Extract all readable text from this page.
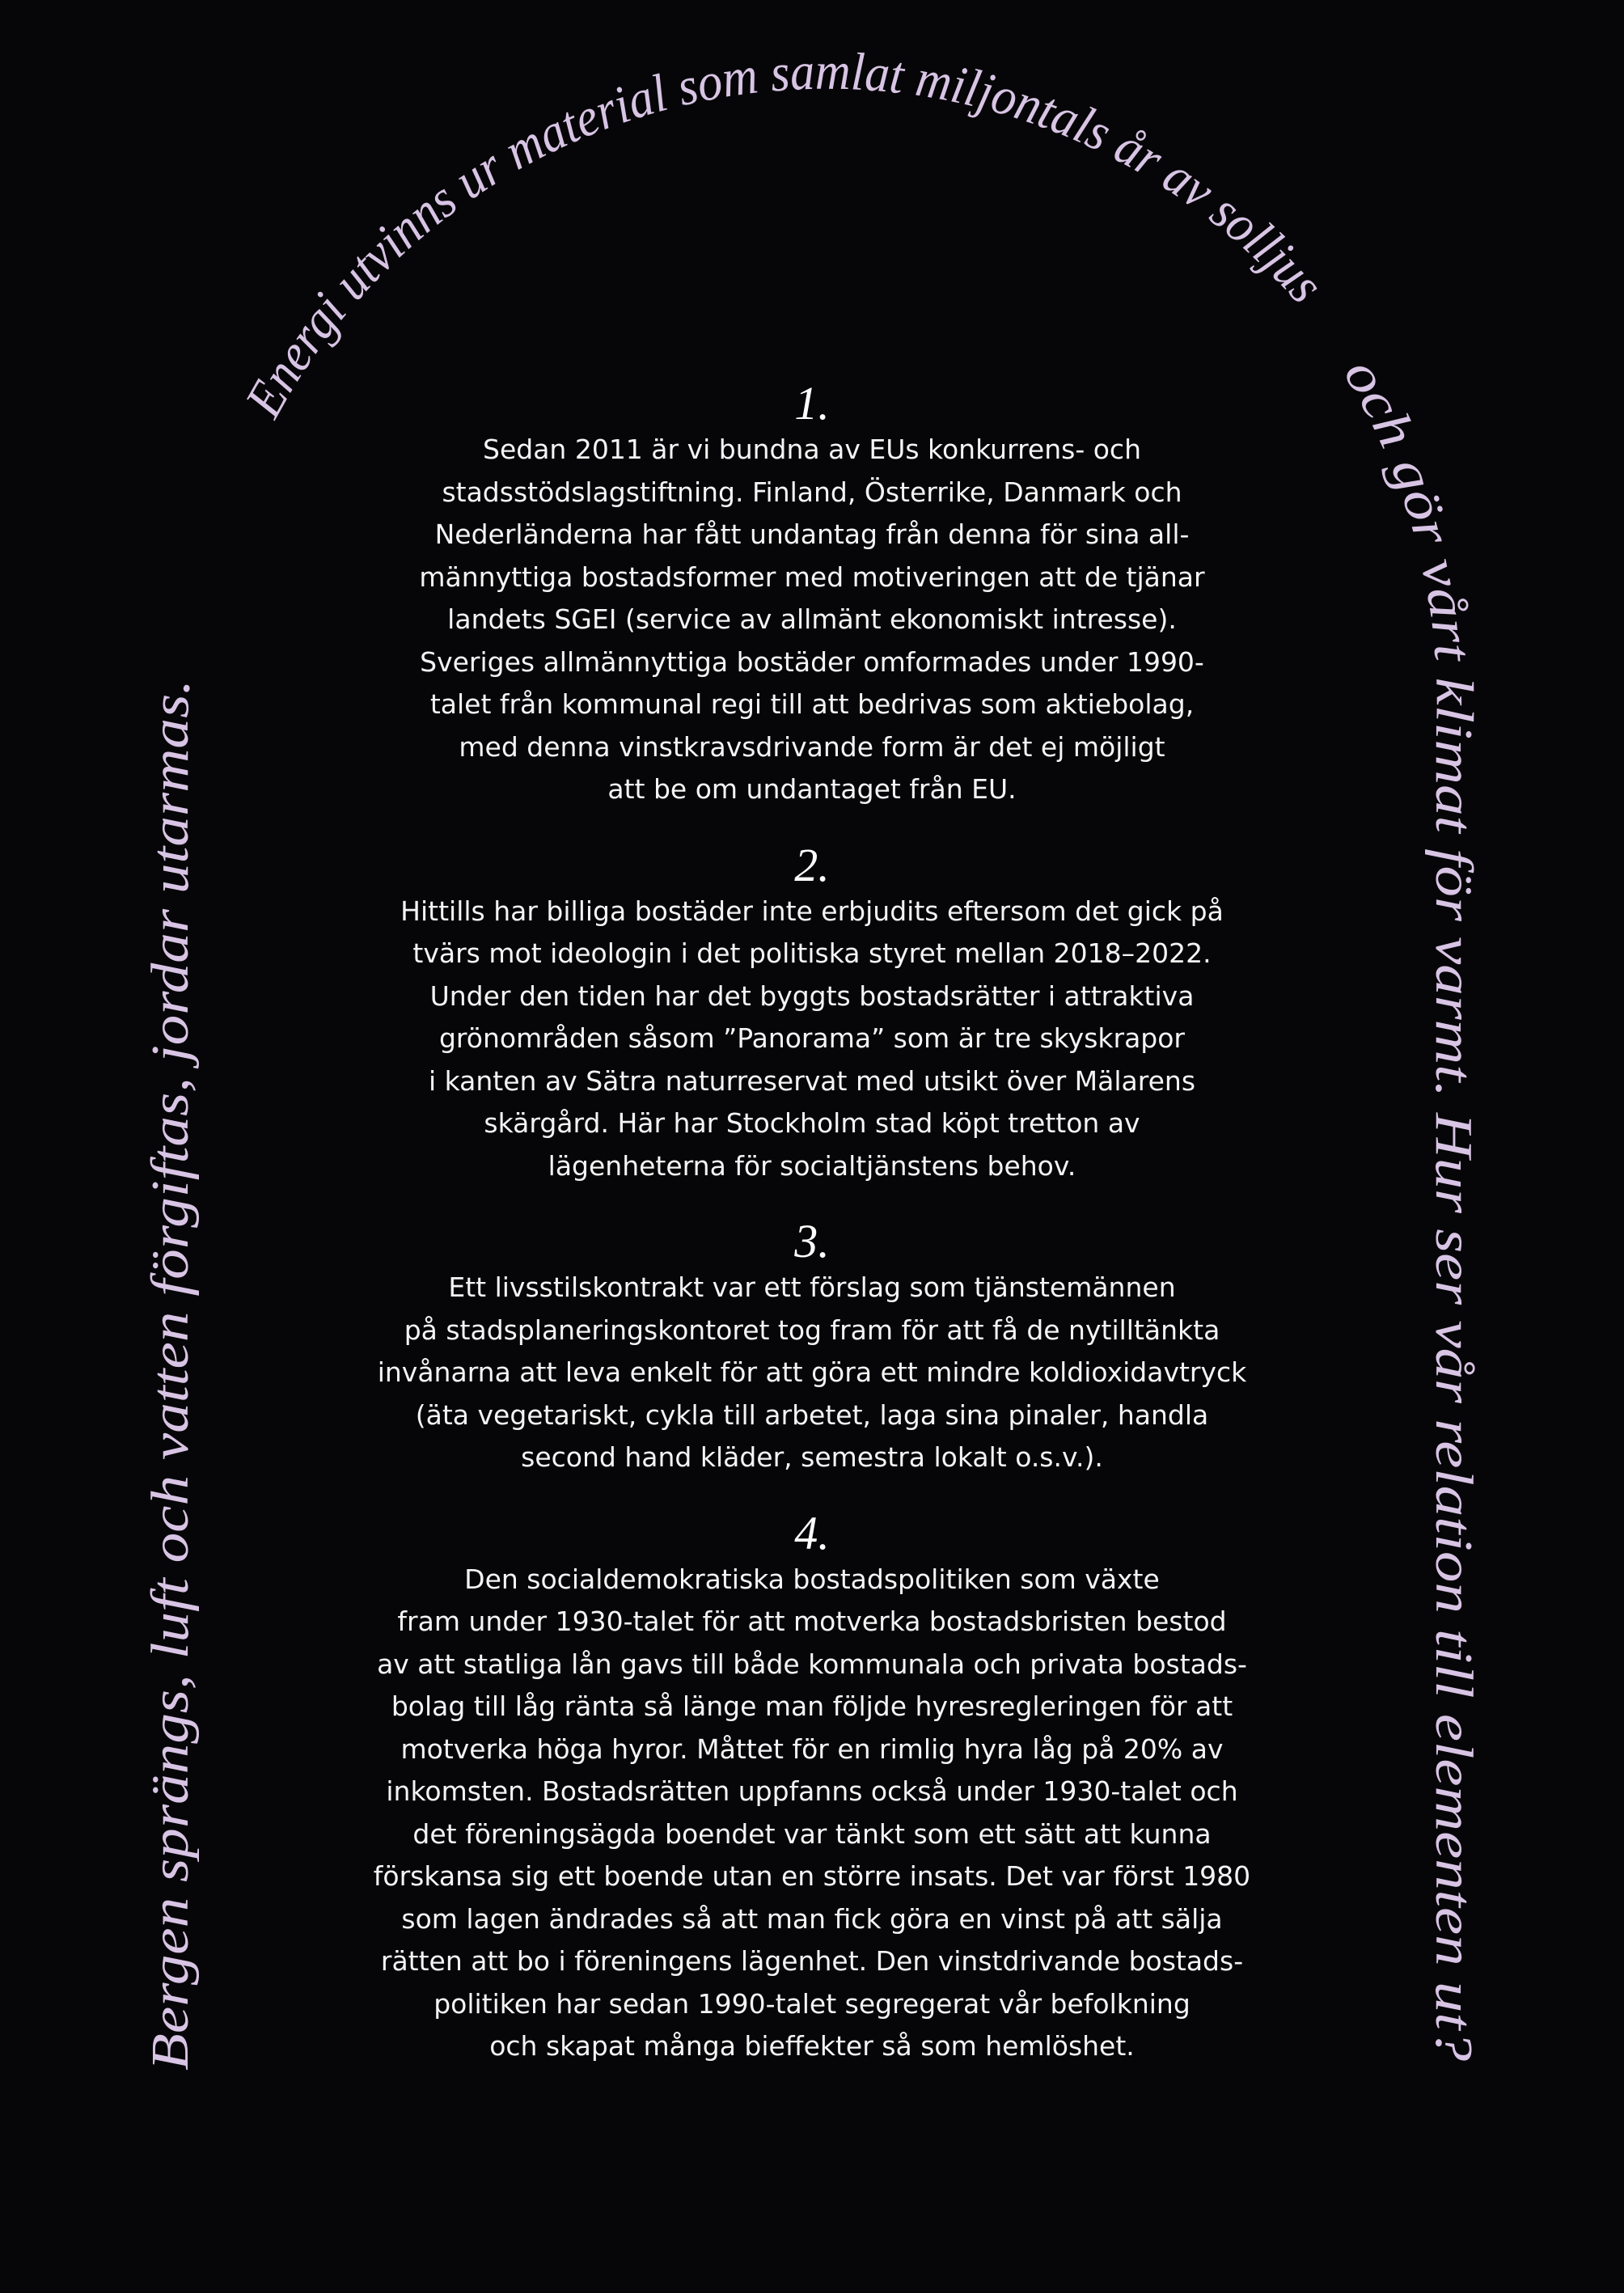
Bergen sprängs, luft och vatten förgiftas, jordar utarmas.
Energi utvinns ur material som samlat miljontals år av solljus
och gör vårt klimat för varmt. Hur ser vår relation till elementen ut?
1.
Sedan 2011 är vi bundna av EUs konkurrens- och
stadsstödslagstiftning. Finland, Österrike, Danmark och
Nederländerna har fått undantag från denna för sina all-
männyttiga bostadsformer med motiveringen att de tjänar
landets SGEI (service av allmänt ekonomiskt intresse).
Sveriges allmännyttiga bostäder omformades under 1990-
talet från kommunal regi till att bedrivas som aktiebolag,
med denna vinstkravsdrivande form är det ej möjligt
att be om undantaget från EU.
2.
Hittills har billiga bostäder inte erbjudits eftersom det gick på
tvärs mot ideologin i det politiska styret mellan 2018–2022.
Under den tiden har det byggts bostadsrätter i attraktiva
grönområden såsom ”Panorama” som är tre skyskrapor
i kanten av Sätra naturreservat med utsikt över Mälarens
skärgård. Här har Stockholm stad köpt tretton av
lägenheterna för socialtjänstens behov.
3.
Ett livsstilskontrakt var ett förslag som tjänstemännen
på stadsplaneringskontoret tog fram för att få de nytilltänkta
invånarna att leva enkelt för att göra ett mindre koldioxidavtryck
(äta vegetariskt, cykla till arbetet, laga sina pinaler, handla
second hand kläder, semestra lokalt o.s.v.).
4.
Den socialdemokratiska bostadspolitiken som växte
fram under 1930-talet för att motverka bostadsbristen bestod
av att statliga lån gavs till både kommunala och privata bostads-
bolag till låg ränta så länge man följde hyresregleringen för att
motverka höga hyror. Måttet för en rimlig hyra låg på 20% av
inkomsten. Bostadsrätten uppfanns också under 1930-talet och
det föreningsägda boendet var tänkt som ett sätt att kunna
förskansa sig ett boende utan en större insats. Det var först 1980
som lagen ändrades så att man fick göra en vinst på att sälja
rätten att bo i föreningens lägenhet. Den vinstdrivande bostads-
politiken har sedan 1990-talet segregerat vår befolkning
och skapat många bieffekter så som hemlöshet.
